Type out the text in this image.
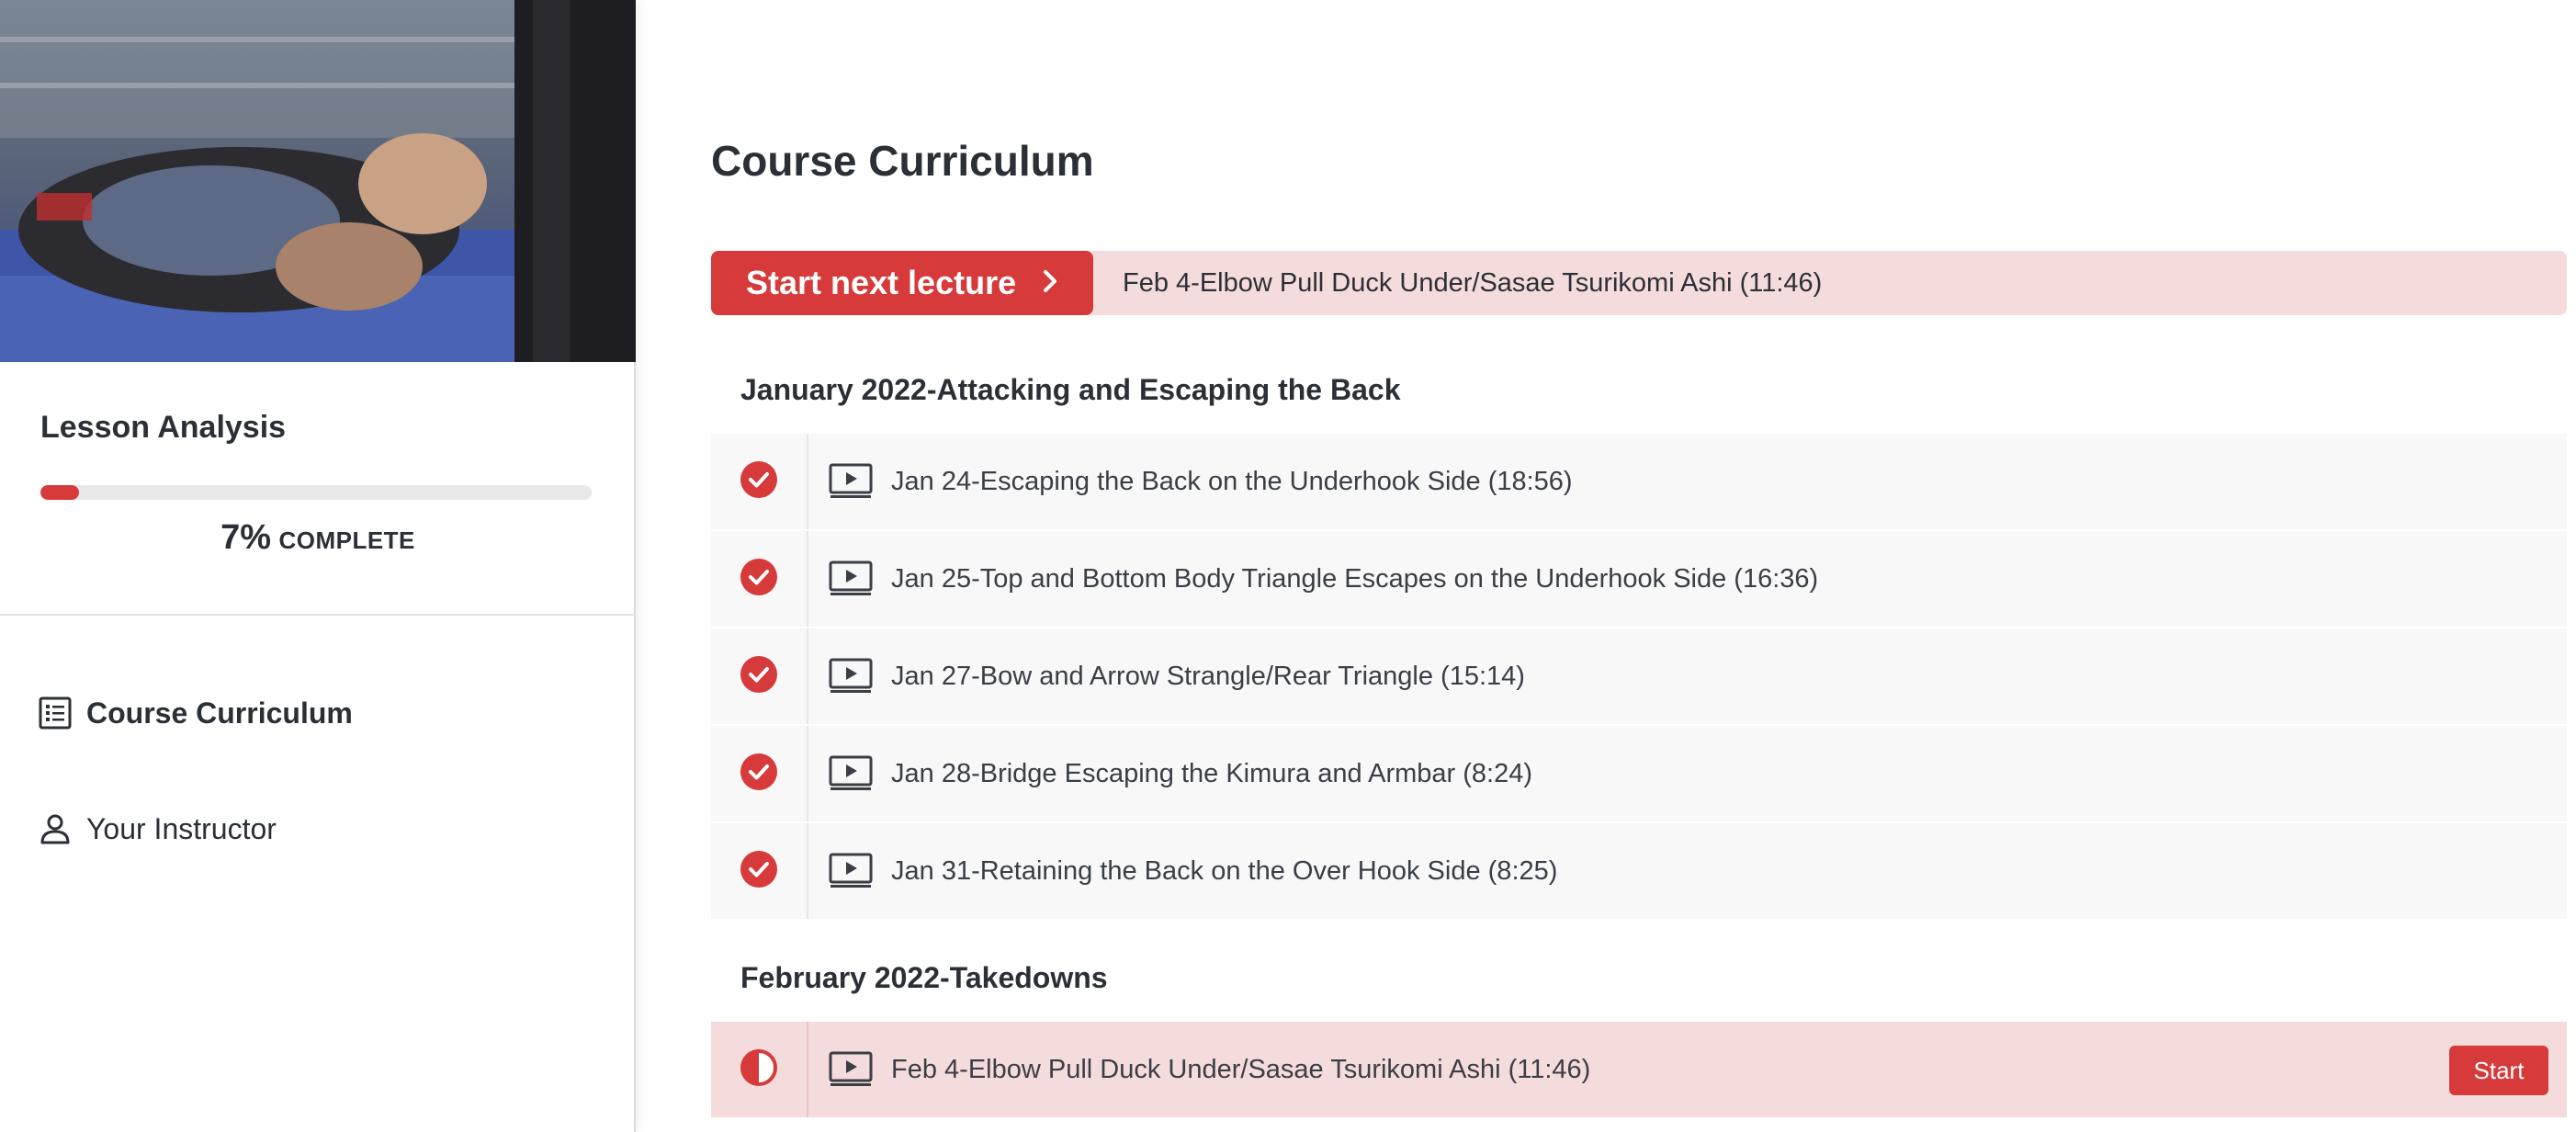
Lesson Analysis
7% COMPLETE
Course Curriculum
Your Instructor
Course Curriculum
Start next lecture	Feb 4-Elbow Pull Duck Under/Sasae Tsurikomi Ashi (11:46)
January 2022-Attacking and Escaping the Back
Jan 24-Escaping the Back on the Underhook Side (18:56)
Jan 25-Top and Bottom Body Triangle Escapes on the Underhook Side (16:36)
Jan 27-Bow and Arrow Strangle/Rear Triangle (15:14)
Jan 28-Bridge Escaping the Kimura and Armbar (8:24)
Jan 31-Retaining the Back on the Over Hook Side (8:25)
February 2022-Takedowns
Feb 4-Elbow Pull Duck Under/Sasae Tsurikomi Ashi (11:46)	Start
